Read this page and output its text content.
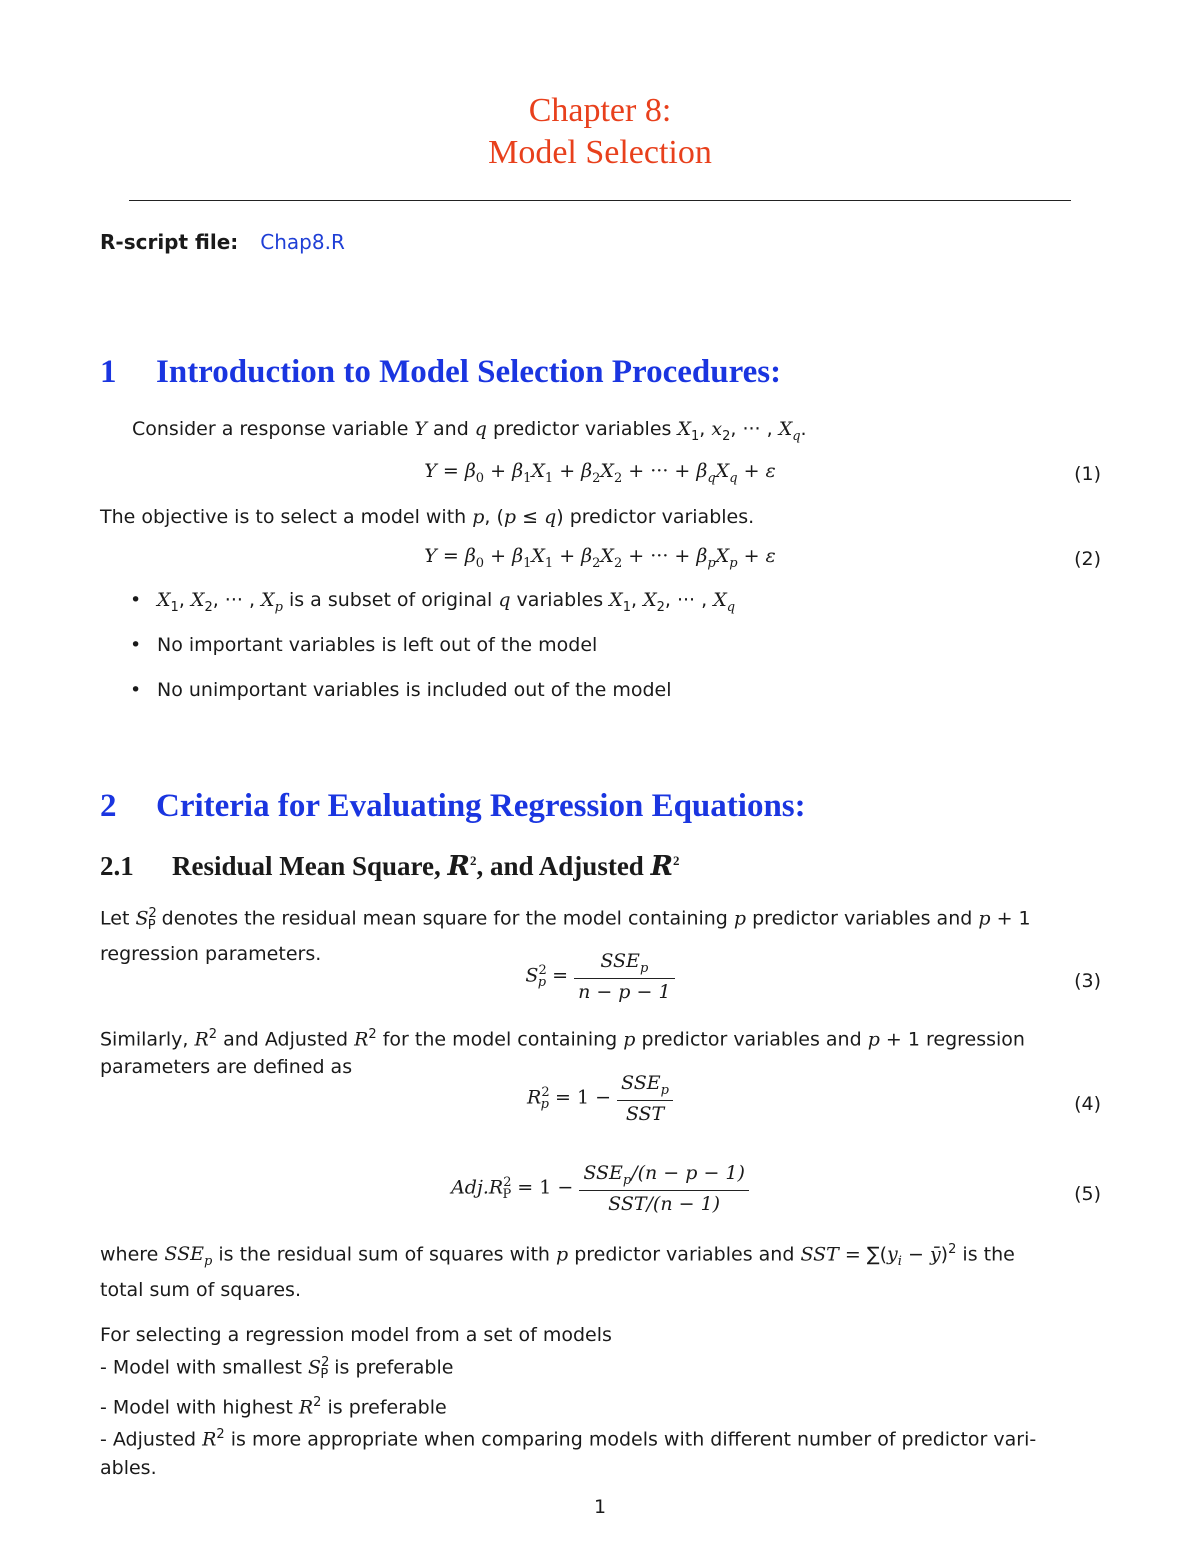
Chapter 8:
Model Selection
R-script file: Chap8.R
1 Introduction to Model Selection Procedures:
Consider a response variable Y and q predictor variables $X_1$, $x_2$, ··· , $X_q$.
$Y = \beta_0 + \beta_1X_1 + \beta_2X_2$ + ··· + $\beta_qX_q + \varepsilon$	(1)
The objective is to select a model with p, (p ≤ q) predictor variables.
$Y = \beta_0 + \beta_1X_1 + \beta_2X_2$ + ··· + $\beta_pX_p + \varepsilon$	(2)
• $X_1$, $X_2$, ··· , $X_p$ is a subset of original q variables $X_1$, $X_2$, ··· , $X_q$
• No important variables is left out of the model
• No unimportant variables is included out of the model
2 Criteria for Evaluating Regression Equations:
2.1 Residual Mean Square, $R^2$, and Adjusted $R^2$
Let $S^2_P$ denotes the residual mean square for the model containing p predictor variables and p + 1
regression parameters.
$S^2_p = \frac{SSE_p}{n - p - 1}$	(3)
Similarly, $R^2$ and Adjusted $R^2$ for the model containing p predictor variables and p + 1 regression
parameters are defined as
$R^2_p = 1 - \frac{SSE_p}{\text{SST}}$	(4)
$Adj.R^2_P = 1 - \frac{SSE_p/(n - p - 1)}{\text{SST/(n − 1)}}$	(5)
where $SSE_p$ is the residual sum of squares with p predictor variables and SST = $\sum(y_i$ − ȳ)$^2$ is the
total sum of squares.
For selecting a regression model from a set of models
- Model with smallest $S^2_P$ is preferable
- Model with highest $R^2$ is preferable
- Adjusted $R^2$ is more appropriate when comparing models with different number of predictor vari-
ables.
1
